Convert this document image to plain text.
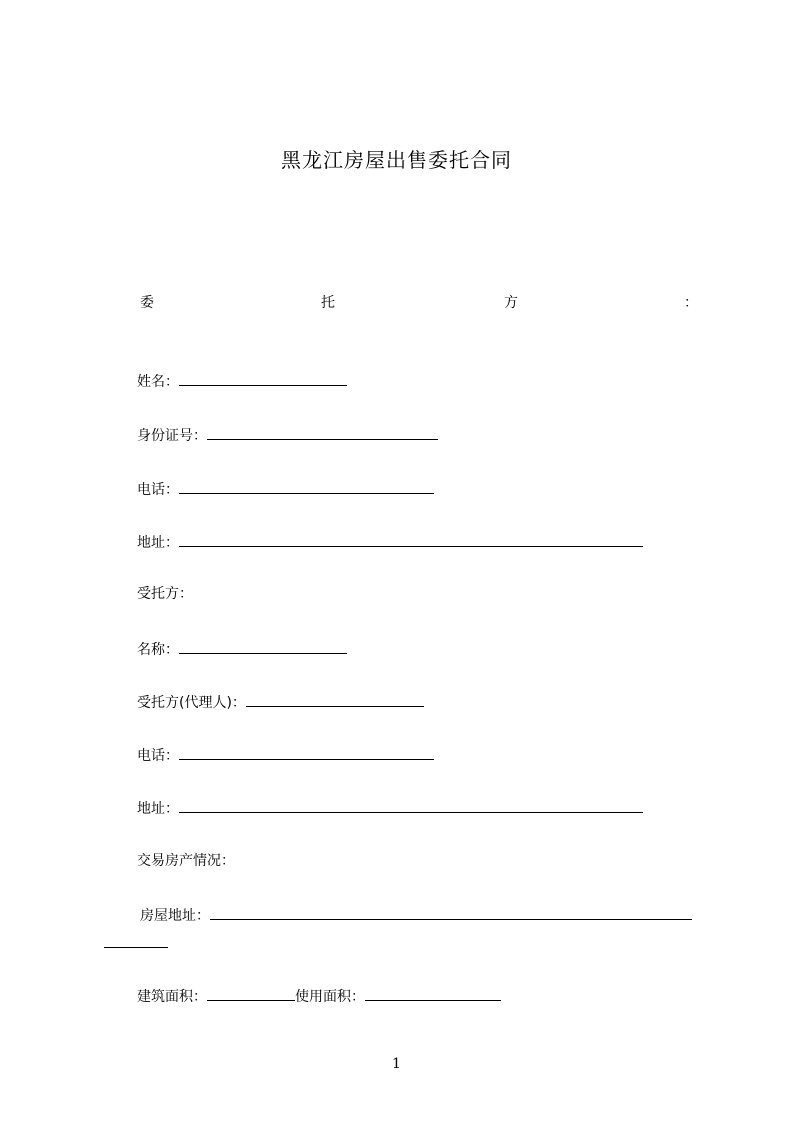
黑龙江房屋出售委托合同
委	托	方	：
姓名：
身份证号：
电话：
地址：
受托方：
名称：
受托方(代理人)：
电话：
地址：
交易房产情况：
房屋地址：
建筑面积：	使用面积：
1
